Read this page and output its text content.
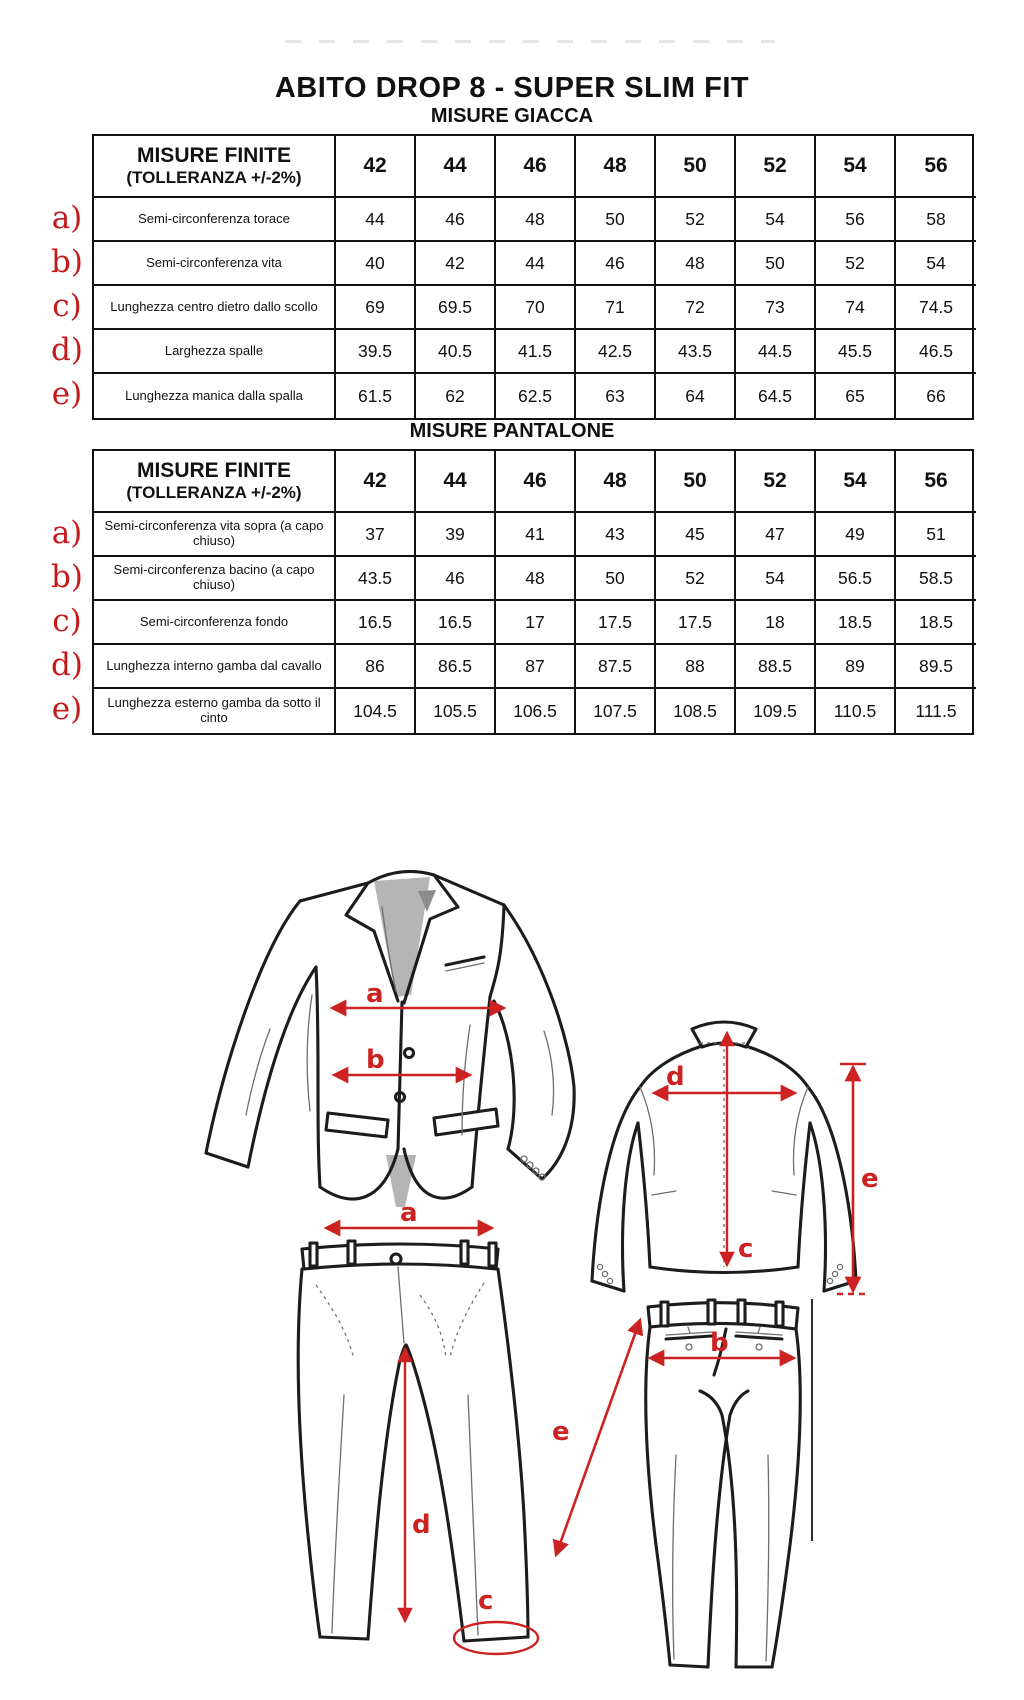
ABITO DROP 8 - SUPER SLIM FIT
MISURE GIACCA
a)
b)
c)
d)
e)
MISURE FINITE
(TOLLERANZA +/-2%)
42	44	46	48	50	52	54	56
Semi-circonferenza torace	44	46	48	50	52	54	56	58
Semi-circonferenza vita	40	42	44	46	48	50	52	54
Lunghezza centro dietro dallo scollo	69	69.5	70	71	72	73	74	74.5
Larghezza spalle	39.5	40.5	41.5	42.5	43.5	44.5	45.5	46.5
Lunghezza manica dalla spalla	61.5	62	62.5	63	64	64.5	65	66
MISURE PANTALONE
a)
b)
c)
d)
e)
MISURE FINITE
(TOLLERANZA +/-2%)
42	44	46	48	50	52	54	56
Semi-circonferenza vita sopra (a capo chiuso)	37	39	41	43	45	47	49	51
Semi-circonferenza bacino (a capo chiuso)	43.5	46	48	50	52	54	56.5	58.5
Semi-circonferenza fondo	16.5	16.5	17	17.5	17.5	18	18.5	18.5
Lunghezza interno gamba dal cavallo	86	86.5	87	87.5	88	88.5	89	89.5
Lunghezza esterno gamba da sotto il cinto	104.5	105.5	106.5	107.5	108.5	109.5	110.5	111.5
a
b
d
c
e
a
d
c
b
e
